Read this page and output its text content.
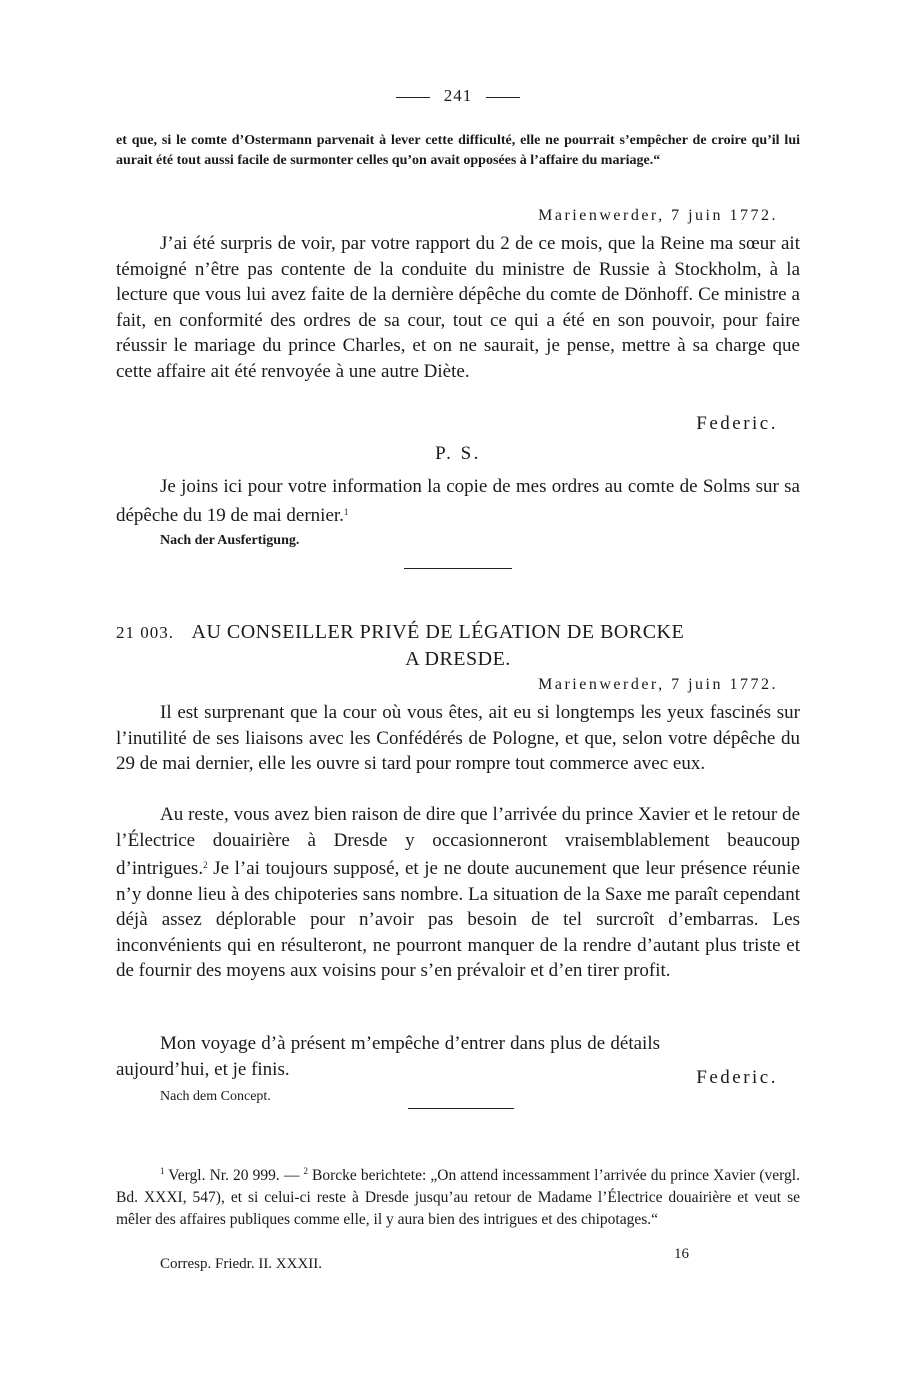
241

et que, si le comte d’Ostermann parvenait à lever cette difficulté, elle ne pourrait s’empêcher de croire qu’il lui aurait été tout aussi facile de surmonter celles qu’on avait opposées à l’affaire du mariage.“

Marienwerder, 7 juin 1772.

J’ai été surpris de voir, par votre rapport du 2 de ce mois, que la Reine ma sœur ait témoigné n’être pas contente de la conduite du ministre de Russie à Stockholm, à la lecture que vous lui avez faite de la dernière dépêche du comte de Dönhoff. Ce ministre a fait, en conformité des ordres de sa cour, tout ce qui a été en son pouvoir, pour faire réussir le mariage du prince Charles, et on ne saurait, je pense, mettre à sa charge que cette affaire ait été renvoyée à une autre Diète.

Federic.
P. S.

Je joins ici pour votre information la copie de mes ordres au comte de Solms sur sa dépêche du 19 de mai dernier.$^1$

Nach der Ausfertigung.
21 003. AU CONSEILLER PRIVÉ DE LÉGATION DE BORCKE
A DRESDE.
Marienwerder, 7 juin 1772.

Il est surprenant que la cour où vous êtes, ait eu si longtemps les yeux fascinés sur l’inutilité de ses liaisons avec les Confédérés de Pologne, et que, selon votre dépêche du 29 de mai dernier, elle les ouvre si tard pour rompre tout commerce avec eux.

Au reste, vous avez bien raison de dire que l’arrivée du prince Xavier et le retour de l’Électrice douairière à Dresde y occasionneront vraisemblablement beaucoup d’intrigues.$^2$ Je l’ai toujours supposé, et je ne doute aucunement que leur présence réunie n’y donne lieu à des chipoteries sans nombre. La situation de la Saxe me paraît cependant déjà assez déplorable pour n’avoir pas besoin de tel surcroît d’embarras. Les inconvénients qui en résulteront, ne pourront manquer de la rendre d’autant plus triste et de fournir des moyens aux voisins pour s’en prévaloir et d’en tirer profit.

Mon voyage d’à présent m’empêche d’entrer dans plus de détails aujourd’hui, et je finis.	Federic.
Nach dem Concept.

$^1$ Vergl. Nr. 20 999. — $^2$ Borcke berichtete: „On attend incessamment l’arrivée du prince Xavier (vergl. Bd. XXXI, 547), et si celui-ci reste à Dresde jusqu’au retour de Madame l’Électrice douairière et veut se mêler des affaires publiques comme elle, il y aura bien des intrigues et des chipotages.“

Corresp. Friedr. II. XXXII.
16
